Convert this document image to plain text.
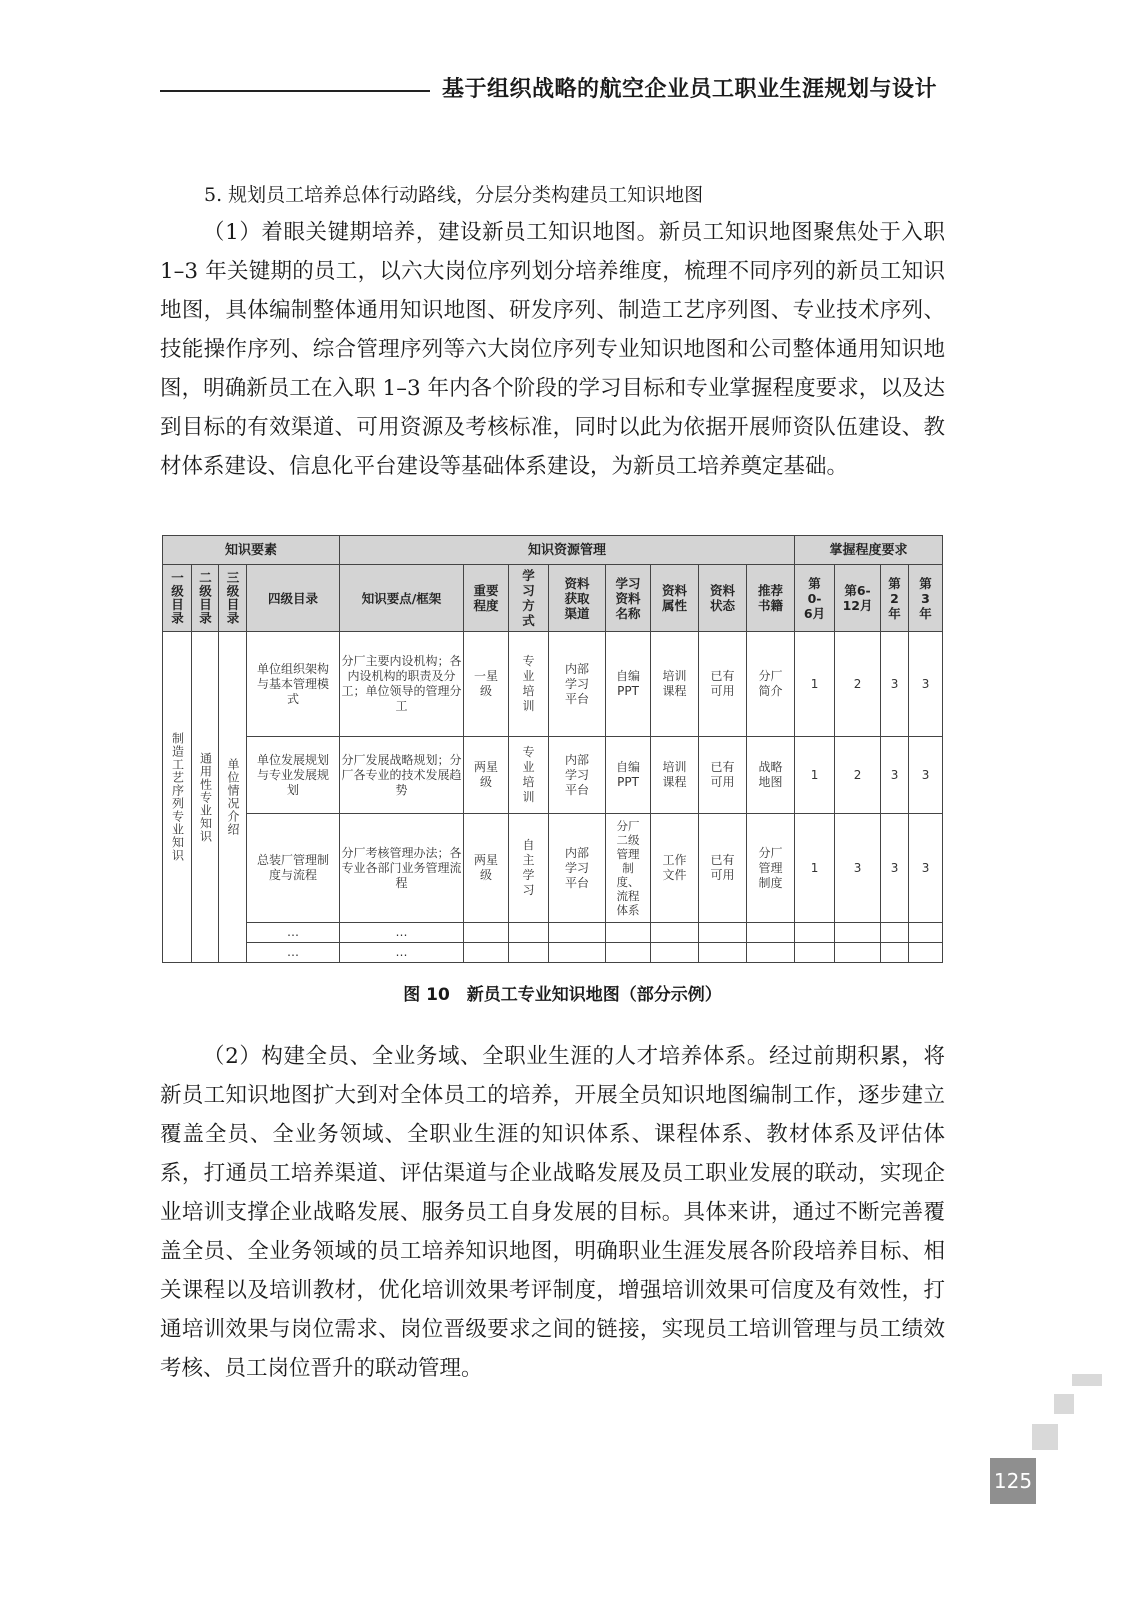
基于组织战略的航空企业员工职业生涯规划与设计
5. 规划员工培养总体行动路线，分层分类构建员工知识地图

（1）着眼关键期培养，建设新员工知识地图。新员工知识地图聚焦处于入职 1–3 年关键期的员工，以六大岗位序列划分培养维度，梳理不同序列的新员工知识地图，具体编制整体通用知识地图、研发序列、制造工艺序列图、专业技术序列、技能操作序列、综合管理序列等六大岗位序列专业知识地图和公司整体通用知识地图，明确新员工在入职 1–3 年内各个阶段的学习目标和专业掌握程度要求，以及达到目标的有效渠道、可用资源及考核标准，同时以此为依据开展师资队伍建设、教材体系建设、信息化平台建设等基础体系建设，为新员工培养奠定基础。

知识要素				知识资源管理								掌握程度要求			

一级目录	二级目录	三级目录	四级目录	知识要点/框架	重要程度	学习方式	资料获取渠道	学习资料名称	资料属性	资料状态	推荐书籍	第0-6月	第6-12月	第2年	第3年

制造工艺序列专业知识	通用性专业知识	单位情况介绍	单位组织架构与基本管理模式	分厂主要内设机构；各内设机构的职责及分工；单位领导的管理分工	一星级	专业培训	内部学习平台	自编PPT	培训课程	已有可用	分厂简介	1	2	3	3

			单位发展规划与专业发展规划	分厂发展战略规划；分厂各专业的技术发展趋势	两星级	专业培训	内部学习平台	自编PPT	培训课程	已有可用	战略地图	1	2	3	3

			总装厂管理制度与流程	分厂考核管理办法；各专业各部门业务管理流程	两星级	自主学习	内部学习平台	分厂二级管理制度、流程体系	工作文件	已有可用	分厂管理制度	1	3	3	3
			…	…											
			…	…											
图 10　新员工专业知识地图（部分示例）

（2）构建全员、全业务域、全职业生涯的人才培养体系。经过前期积累，将新员工知识地图扩大到对全体员工的培养，开展全员知识地图编制工作，逐步建立覆盖全员、全业务领域、全职业生涯的知识体系、课程体系、教材体系及评估体系，打通员工培养渠道、评估渠道与企业战略发展及员工职业发展的联动，实现企业培训支撑企业战略发展、服务员工自身发展的目标。具体来讲，通过不断完善覆盖全员、全业务领域的员工培养知识地图，明确职业生涯发展各阶段培养目标、相关课程以及培训教材，优化培训效果考评制度，增强培训效果可信度及有效性，打通培训效果与岗位需求、岗位晋级要求之间的链接，实现员工培训管理与员工绩效考核、员工岗位晋升的联动管理。

125
